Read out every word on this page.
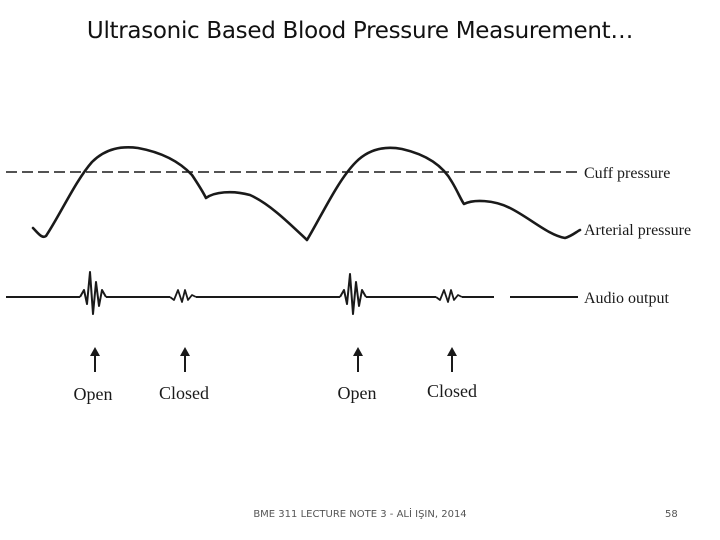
Ultrasonic Based Blood Pressure Measurement…
Open	Closed	Open	Closed
Cuff pressure
Arterial pressure
Audio output
BME 311 LECTURE NOTE 3 - ALİ IŞIN, 2014	58
